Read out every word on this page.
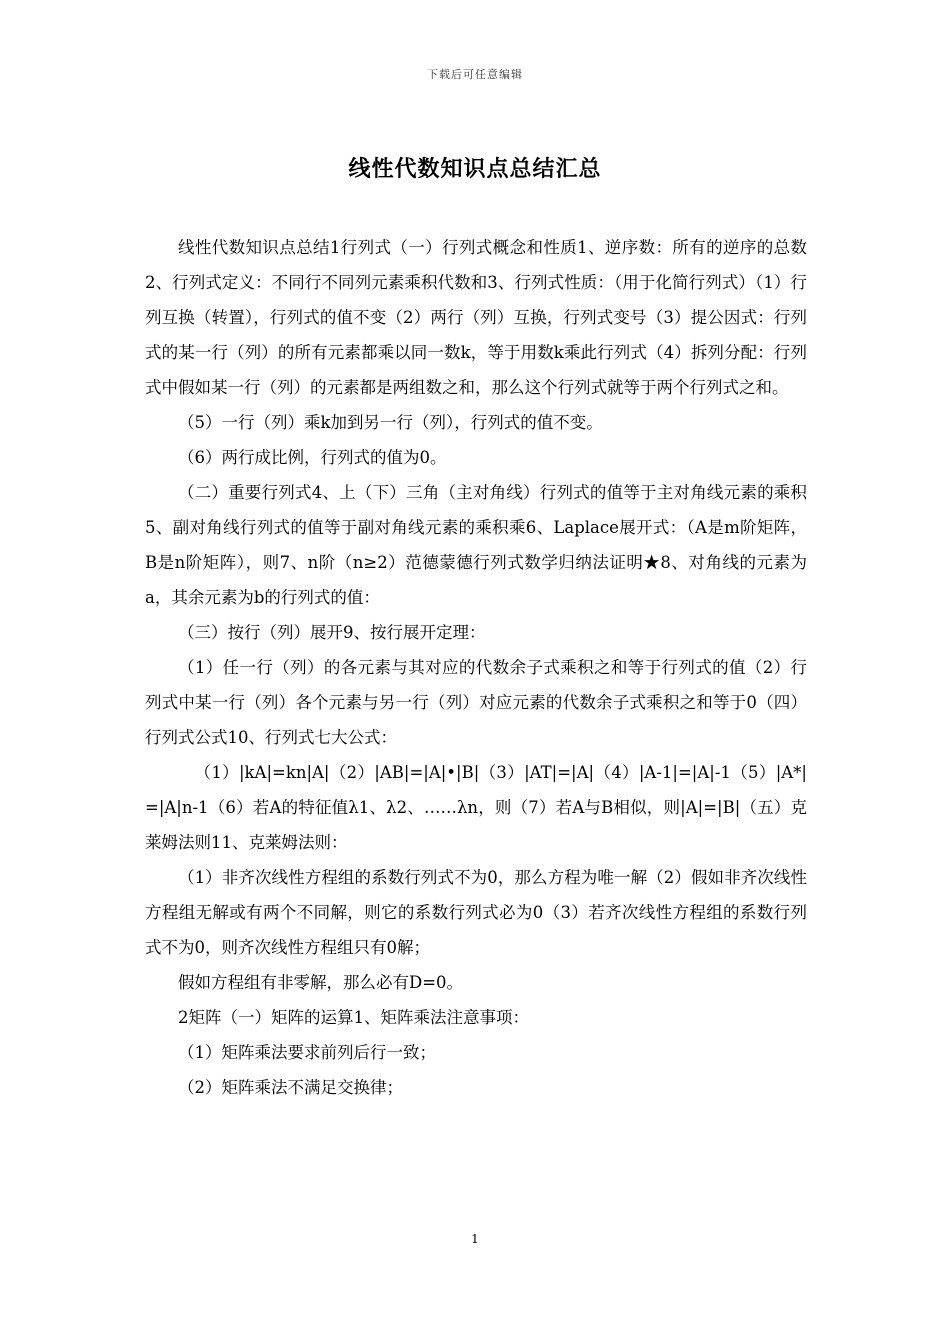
下载后可任意编辑
线性代数知识点总结汇总

线性代数知识点总结1行列式（一）行列式概念和性质1、逆序数：所有的逆序的总数2、行列式定义：不同行不同列元素乘积代数和3、行列式性质：（用于化简行列式）（1）行列互换（转置），行列式的值不变（2）两行（列）互换，行列式变号（3）提公因式：行列式的某一行（列）的所有元素都乘以同一数k，等于用数k乘此行列式（4）拆列分配：行列式中假如某一行（列）的元素都是两组数之和，那么这个行列式就等于两个行列式之和。

（5）一行（列）乘k加到另一行（列），行列式的值不变。

（6）两行成比例，行列式的值为0。

（二）重要行列式4、上（下）三角（主对角线）行列式的值等于主对角线元素的乘积5、副对角线行列式的值等于副对角线元素的乘积乘6、Laplace展开式：（A是m阶矩阵，B是n阶矩阵），则7、n阶（n≥2）范德蒙德行列式数学归纳法证明★8、对角线的元素为a，其余元素为b的行列式的值：

（三）按行（列）展开9、按行展开定理：

（1）任一行（列）的各元素与其对应的代数余子式乘积之和等于行列式的值（2）行列式中某一行（列）各个元素与另一行（列）对应元素的代数余子式乘积之和等于0（四）行列式公式10、行列式七大公式：

（1）|kA|=kn|A|（2）|AB|=|A|•|B|（3）|AT|=|A|（4）|A-1|=|A|-1（5）|A*|=|A|n-1（6）若A的特征值λ1、λ2、……λn，则（7）若A与B相似，则|A|=|B|（五）克莱姆法则11、克莱姆法则：

（1）非齐次线性方程组的系数行列式不为0，那么方程为唯一解（2）假如非齐次线性方程组无解或有两个不同解，则它的系数行列式必为0（3）若齐次线性方程组的系数行列式不为0，则齐次线性方程组只有0解；

假如方程组有非零解，那么必有D=0。

2矩阵（一）矩阵的运算1、矩阵乘法注意事项：

（1）矩阵乘法要求前列后行一致；

（2）矩阵乘法不满足交换律；

1
